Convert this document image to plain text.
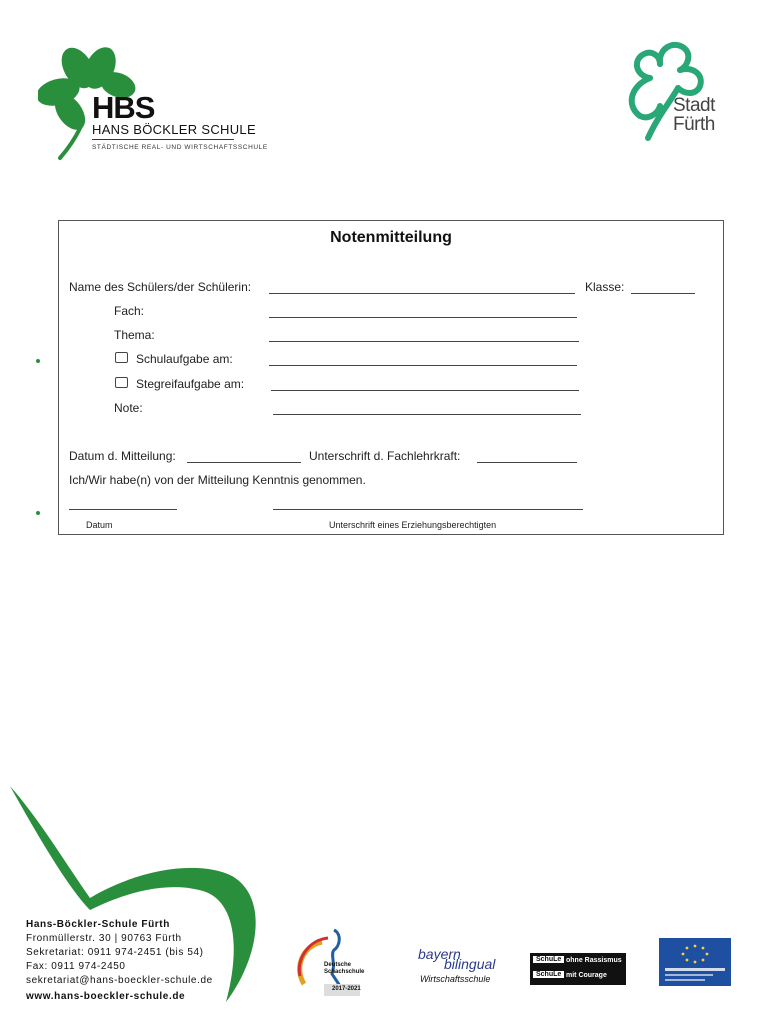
HBS
HANS BÖCKLER SCHULE
STÄDTISCHE REAL- UND WIRTSCHAFTSSCHULE
Stadt
Fürth
Notenmitteilung
Name des Schülers/der Schülerin:	Klasse:
Fach:
Thema:
Schulaufgabe am:
Stegreifaufgabe am:
Note:
Datum d. Mitteilung:	Unterschrift d. Fachlehrkraft:
Ich/Wir habe(n) von der Mitteilung Kenntnis genommen.
Datum	Unterschrift eines Erziehungsberechtigten
Hans-Böckler-Schule Fürth
Fronmüllerstr. 30 | 90763 Fürth
Sekretariat: 0911 974-2451 (bis 54)
Fax: 0911 974-2450
sekretariat@hans-boeckler-schule.de
www.hans-boeckler-schule.de
Deutsche Schachschule
2017-2021
bayern
bilingual
Wirtschaftsschule
SchuLe ohne Rassismus
SchuLe mit Courage
